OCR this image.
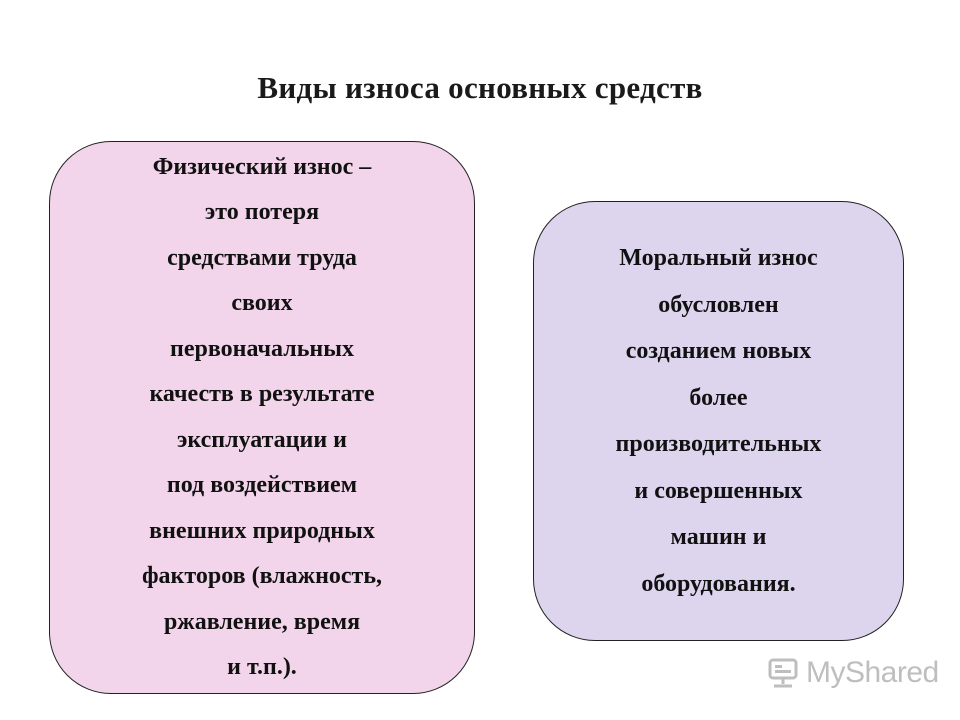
Виды износа основных средств
Физический износ –
это потеря
средствами труда
своих
первоначальных
качеств в результате
эксплуатации и
под воздействием
внешних природных
факторов (влажность,
ржавление, время
и т.п.).
Моральный износ
обусловлен
созданием новых
более
производительных
и совершенных
машин и
оборудования.
MyShared
